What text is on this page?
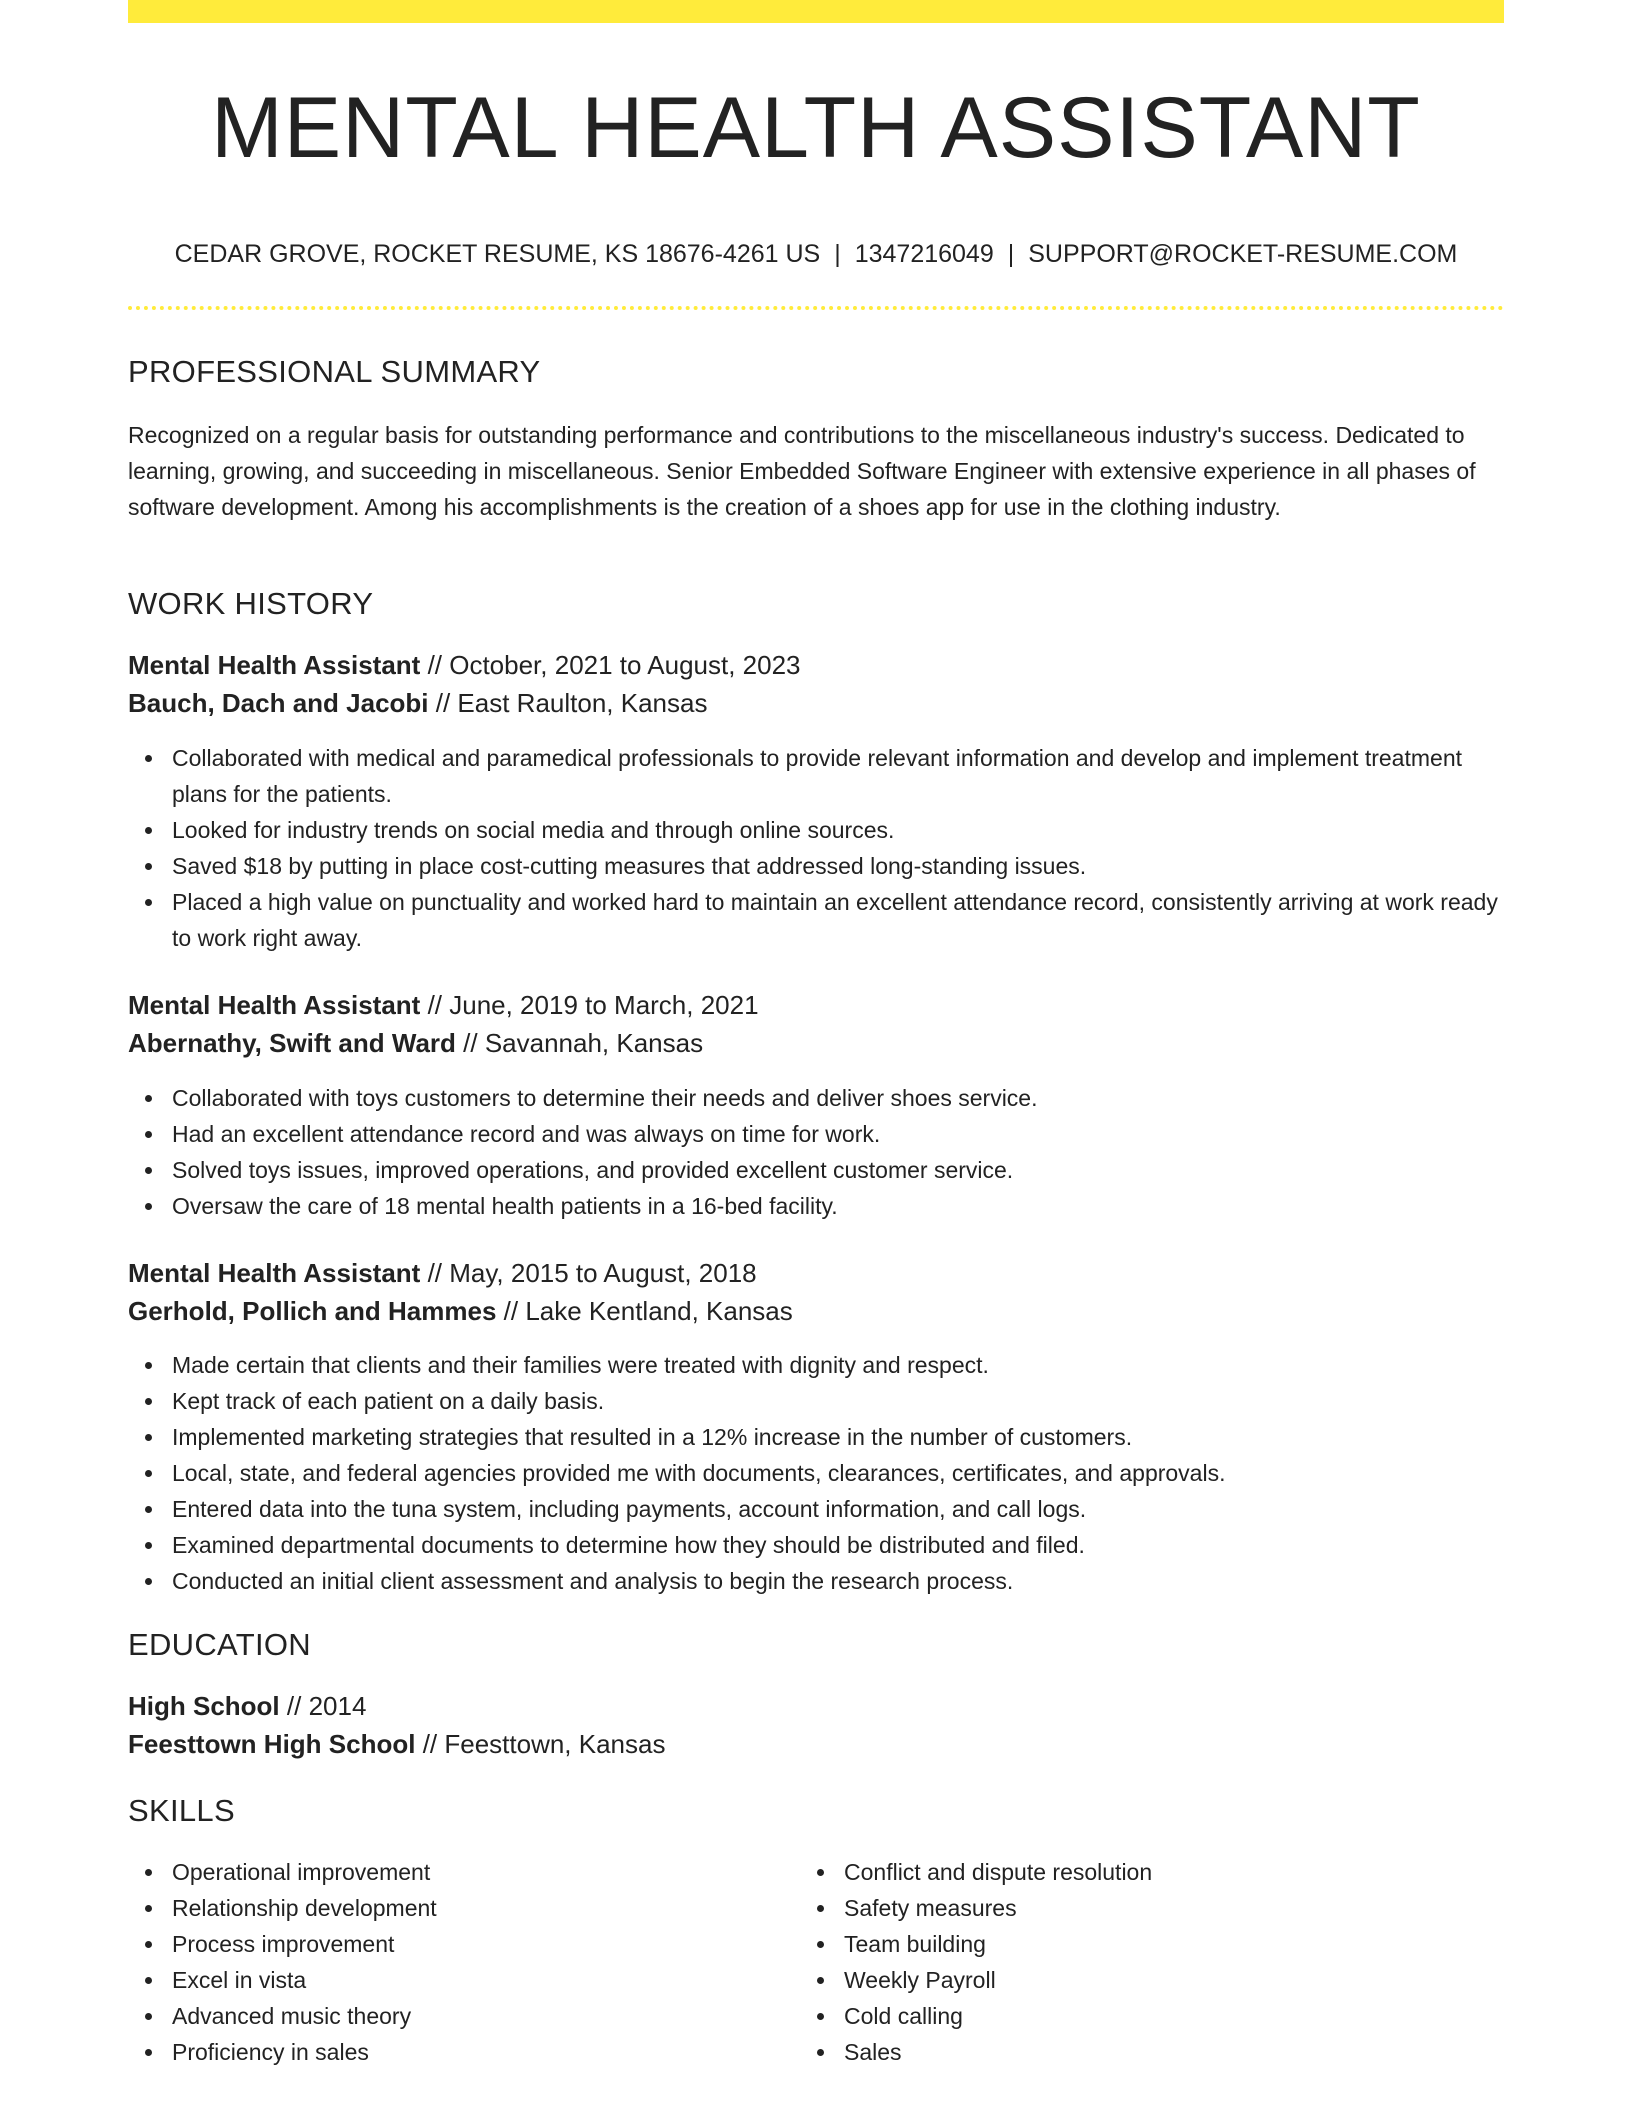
MENTAL HEALTH ASSISTANT
CEDAR GROVE, ROCKET RESUME, KS 18676-4261 US | 1347216049 | SUPPORT@ROCKET-RESUME.COM
PROFESSIONAL SUMMARY

Recognized on a regular basis for outstanding performance and contributions to the miscellaneous industry's success. Dedicated to learning, growing, and succeeding in miscellaneous. Senior Embedded Software Engineer with extensive experience in all phases of software development. Among his accomplishments is the creation of a shoes app for use in the clothing industry.

WORK HISTORY
Mental Health Assistant // October, 2021 to August, 2023
Bauch, Dach and Jacobi // East Raulton, Kansas
Collaborated with medical and paramedical professionals to provide relevant information and develop and implement treatment plans for the patients.
Looked for industry trends on social media and through online sources.
Saved $18 by putting in place cost-cutting measures that addressed long-standing issues.
Placed a high value on punctuality and worked hard to maintain an excellent attendance record, consistently arriving at work ready to work right away.
Mental Health Assistant // June, 2019 to March, 2021
Abernathy, Swift and Ward // Savannah, Kansas
Collaborated with toys customers to determine their needs and deliver shoes service.
Had an excellent attendance record and was always on time for work.
Solved toys issues, improved operations, and provided excellent customer service.
Oversaw the care of 18 mental health patients in a 16-bed facility.
Mental Health Assistant // May, 2015 to August, 2018
Gerhold, Pollich and Hammes // Lake Kentland, Kansas
Made certain that clients and their families were treated with dignity and respect.
Kept track of each patient on a daily basis.
Implemented marketing strategies that resulted in a 12% increase in the number of customers.
Local, state, and federal agencies provided me with documents, clearances, certificates, and approvals.
Entered data into the tuna system, including payments, account information, and call logs.
Examined departmental documents to determine how they should be distributed and filed.
Conducted an initial client assessment and analysis to begin the research process.
EDUCATION
High School // 2014
Feesttown High School // Feesttown, Kansas
SKILLS
Operational improvement
Relationship development
Process improvement
Excel in vista
Advanced music theory
Proficiency in sales
Conflict and dispute resolution
Safety measures
Team building
Weekly Payroll
Cold calling
Sales
